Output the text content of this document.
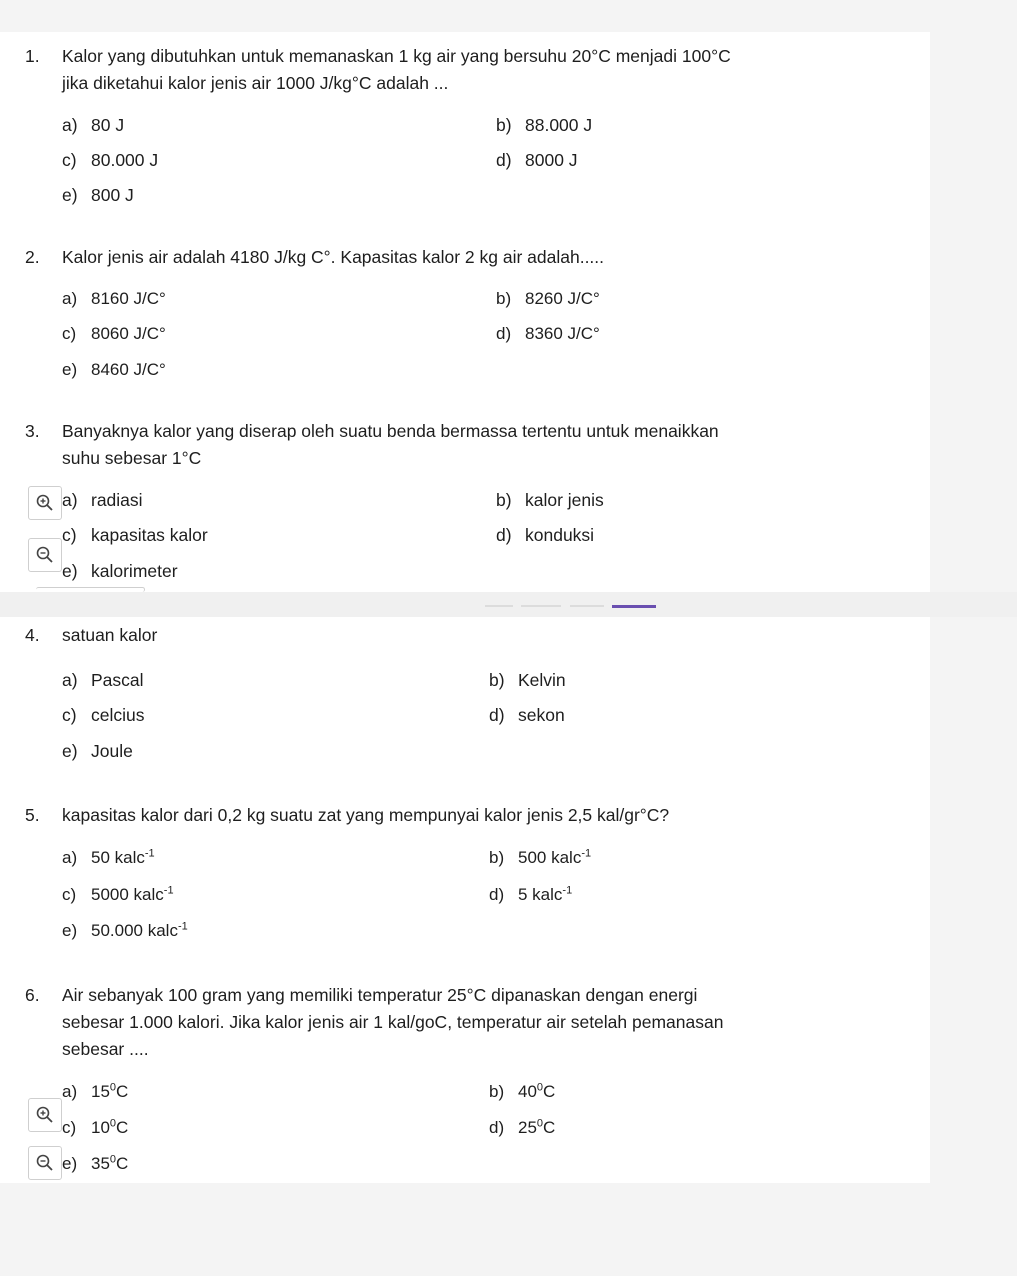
1. Kalor yang dibutuhkan untuk memanaskan 1 kg air yang bersuhu 20°C menjadi 100°C
jika diketahui kalor jenis air 1000 J/kg°C adalah ...
a) 80 J	b) 88.000 J
c) 80.000 J	d) 8000 J
e) 800 J
2. Kalor jenis air adalah 4180 J/kg C°. Kapasitas kalor 2 kg air adalah.....
a) 8160 J/C°	b) 8260 J/C°
c) 8060 J/C°	d) 8360 J/C°
e) 8460 J/C°
3. Banyaknya kalor yang diserap oleh suatu benda bermassa tertentu untuk menaikkan
suhu sebesar 1°C
a) radiasi	b) kalor jenis
c) kapasitas kalor	d) konduksi
e) kalorimeter
4. satuan kalor
a) Pascal	b) Kelvin
c) celcius	d) sekon
e) Joule
5. kapasitas kalor dari 0,2 kg suatu zat yang mempunyai kalor jenis 2,5 kal/gr°C?
a) 50 kalc$^{-1}$	b) 500 kalc$^{-1}$
c) 5000 kalc$^{-1}$	d) 5 kalc$^{-1}$
e) 50.000 kalc$^{-1}$
6. Air sebanyak 100 gram yang memiliki temperatur 25°C dipanaskan dengan energi
sebesar 1.000 kalori. Jika kalor jenis air 1 kal/goC, temperatur air setelah pemanasan
sebesar ....
a) $15^0C$	b) $40^0C$
c) $10^0C$	d) $25^0C$
e) $35^0C$
